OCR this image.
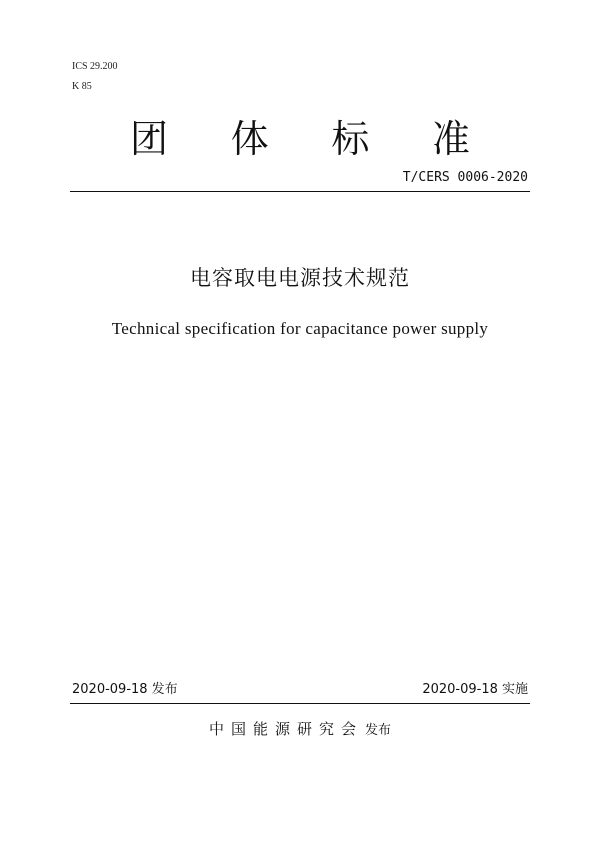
ICS 29.200
K 85
团 体 标 准
T/CERS 0006-2020
电容取电电源技术规范
Technical specification for capacitance power supply
2020-09-18 发布	2020-09-18 实施
中国能源研究会 发布
